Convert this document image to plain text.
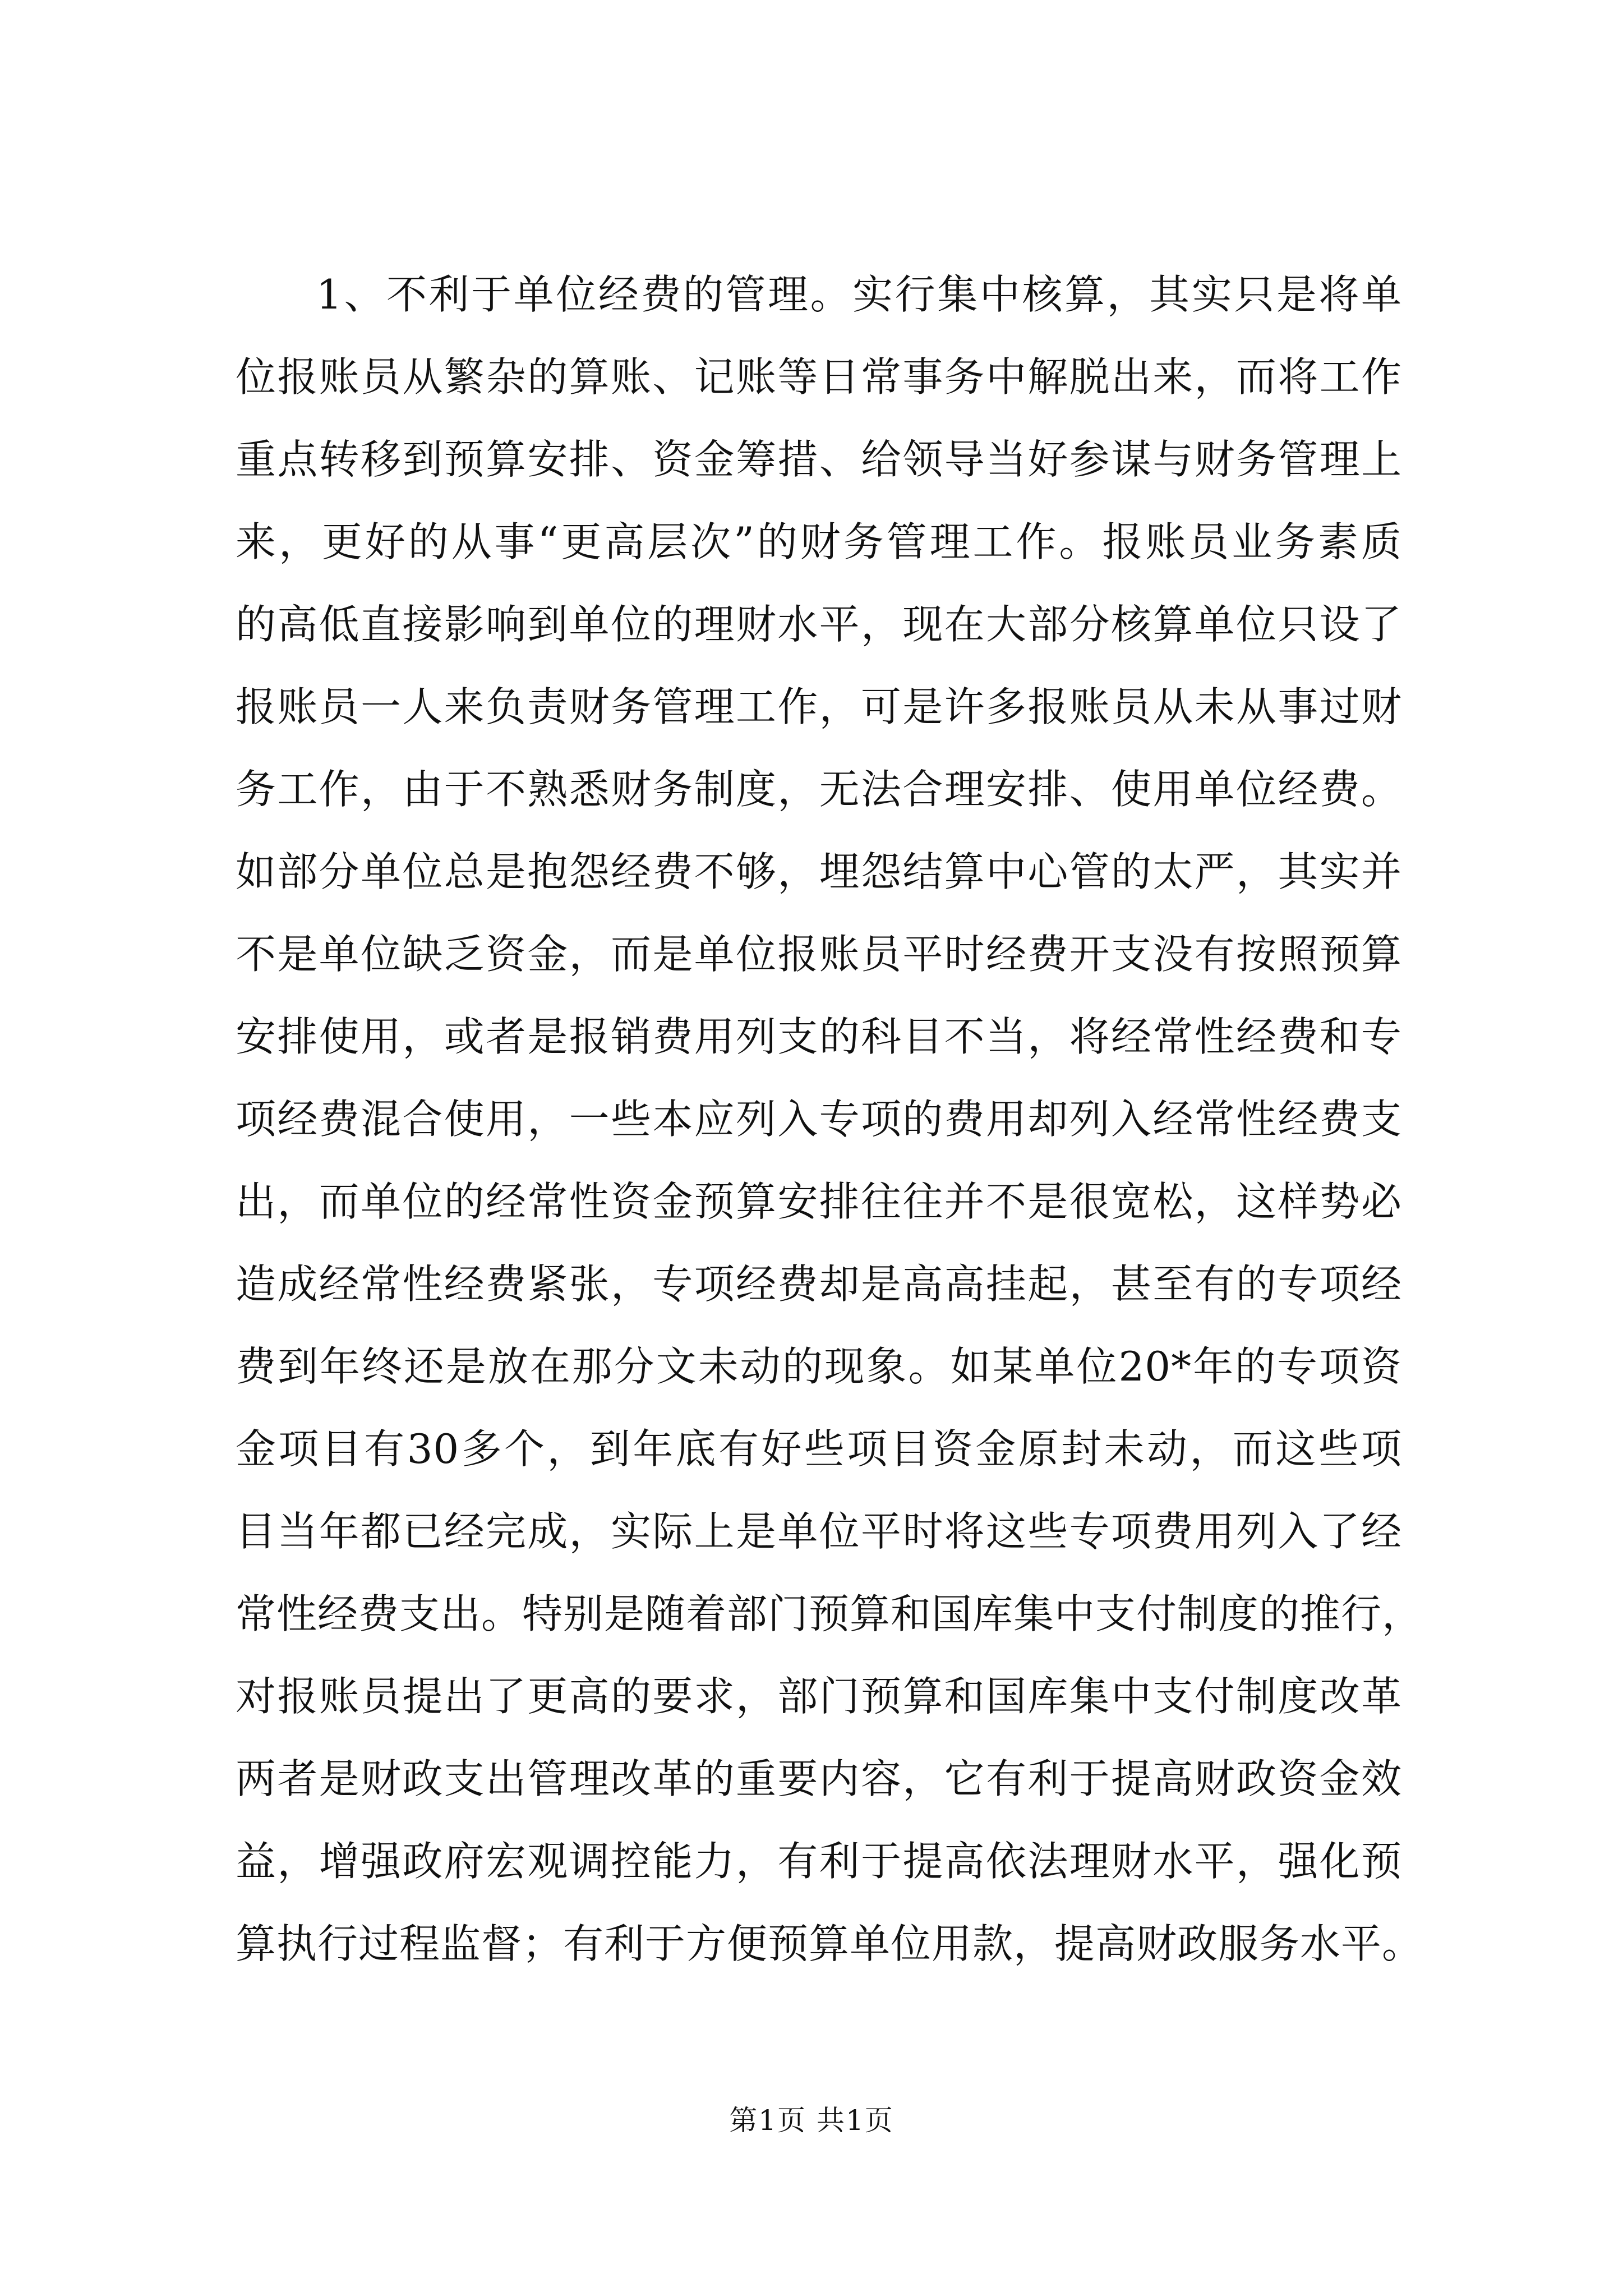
1、不利于单位经费的管理。实行集中核算，其实只是将单
位报账员从繁杂的算账、记账等日常事务中解脱出来，而将工作
重点转移到预算安排、资金筹措、给领导当好参谋与财务管理上
来，更好的从事“更高层次”的财务管理工作。报账员业务素质
的高低直接影响到单位的理财水平，现在大部分核算单位只设了
报账员一人来负责财务管理工作，可是许多报账员从未从事过财
务工作，由于不熟悉财务制度，无法合理安排、使用单位经费。
如部分单位总是抱怨经费不够，埋怨结算中心管的太严，其实并
不是单位缺乏资金，而是单位报账员平时经费开支没有按照预算
安排使用，或者是报销费用列支的科目不当，将经常性经费和专
项经费混合使用，一些本应列入专项的费用却列入经常性经费支
出，而单位的经常性资金预算安排往往并不是很宽松，这样势必
造成经常性经费紧张，专项经费却是高高挂起，甚至有的专项经
费到年终还是放在那分文未动的现象。如某单位20*年的专项资
金项目有30多个，到年底有好些项目资金原封未动，而这些项
目当年都已经完成，实际上是单位平时将这些专项费用列入了经
常性经费支出。特别是随着部门预算和国库集中支付制度的推行，
对报账员提出了更高的要求，部门预算和国库集中支付制度改革
两者是财政支出管理改革的重要内容，它有利于提高财政资金效
益，增强政府宏观调控能力，有利于提高依法理财水平，强化预
算执行过程监督；有利于方便预算单位用款，提高财政服务水平。
第1页 共1页
